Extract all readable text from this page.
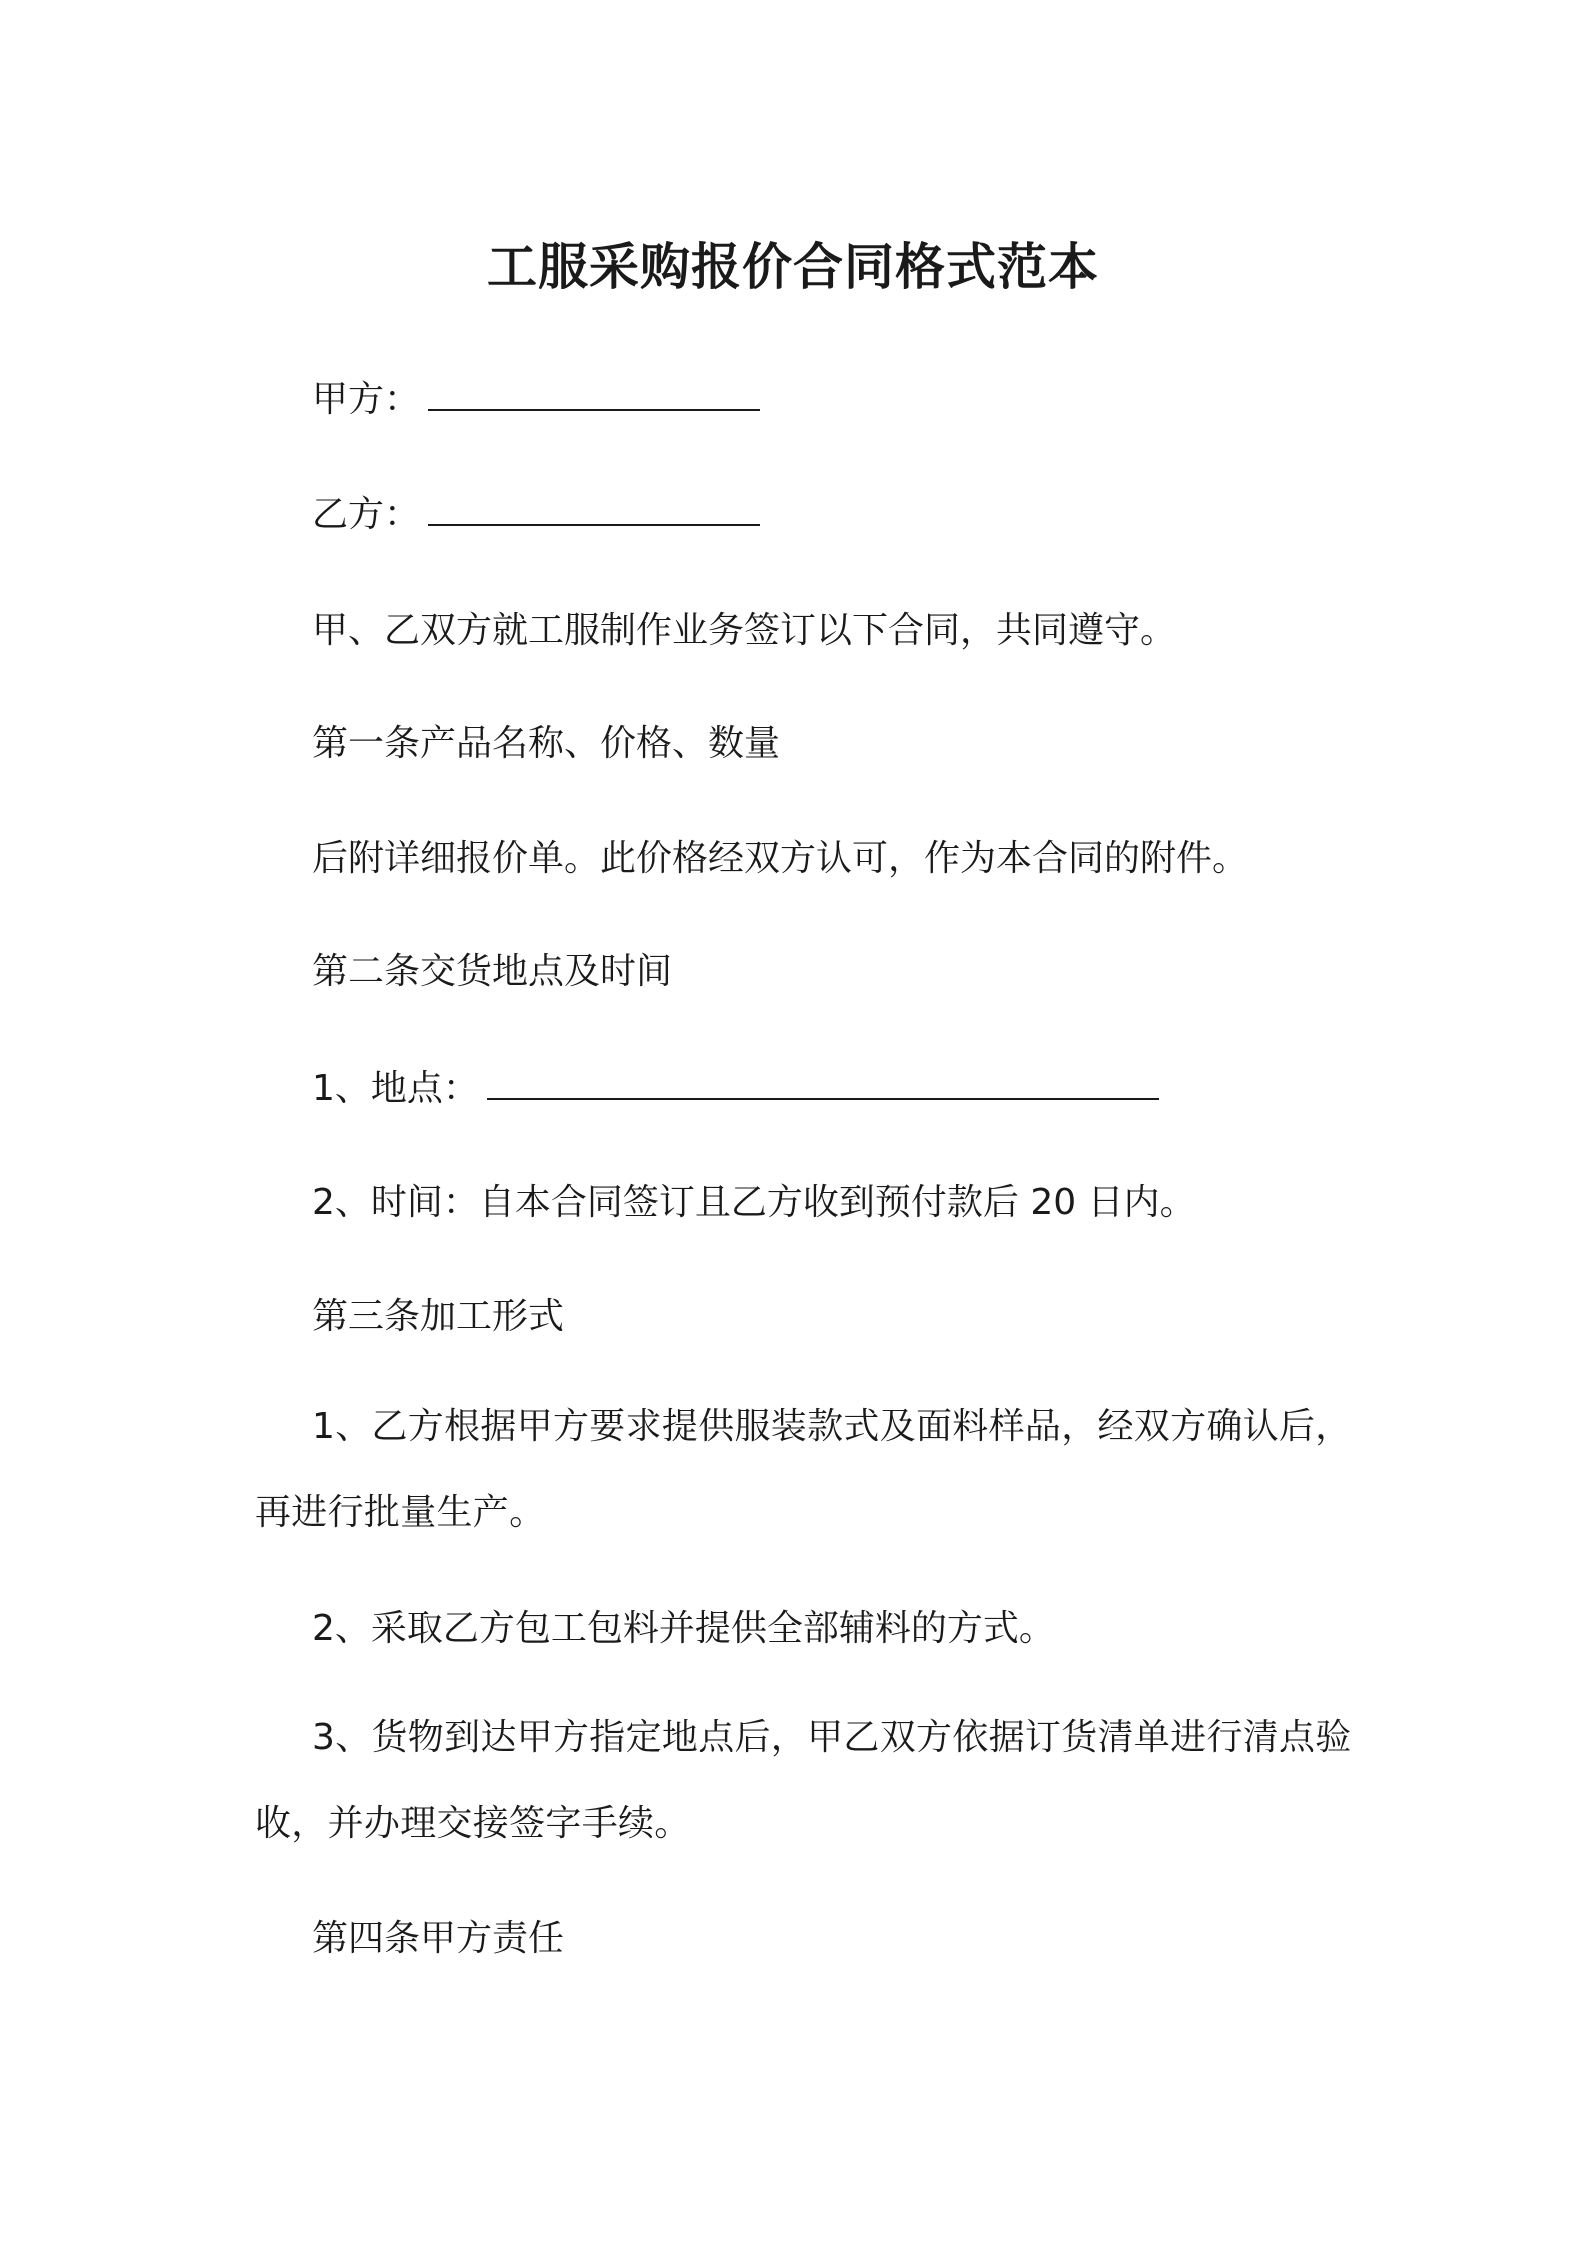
工服采购报价合同格式范本
甲方：
乙方：
甲、乙双方就工服制作业务签订以下合同，共同遵守。
第一条产品名称、价格、数量
后附详细报价单。此价格经双方认可，作为本合同的附件。
第二条交货地点及时间
1、地点：
2、时间：自本合同签订且乙方收到预付款后 20 日内。
第三条加工形式
1、乙方根据甲方要求提供服装款式及面料样品，经双方确认后，再进行批量生产。
2、采取乙方包工包料并提供全部辅料的方式。
3、货物到达甲方指定地点后，甲乙双方依据订货清单进行清点验收，并办理交接签字手续。
第四条甲方责任
